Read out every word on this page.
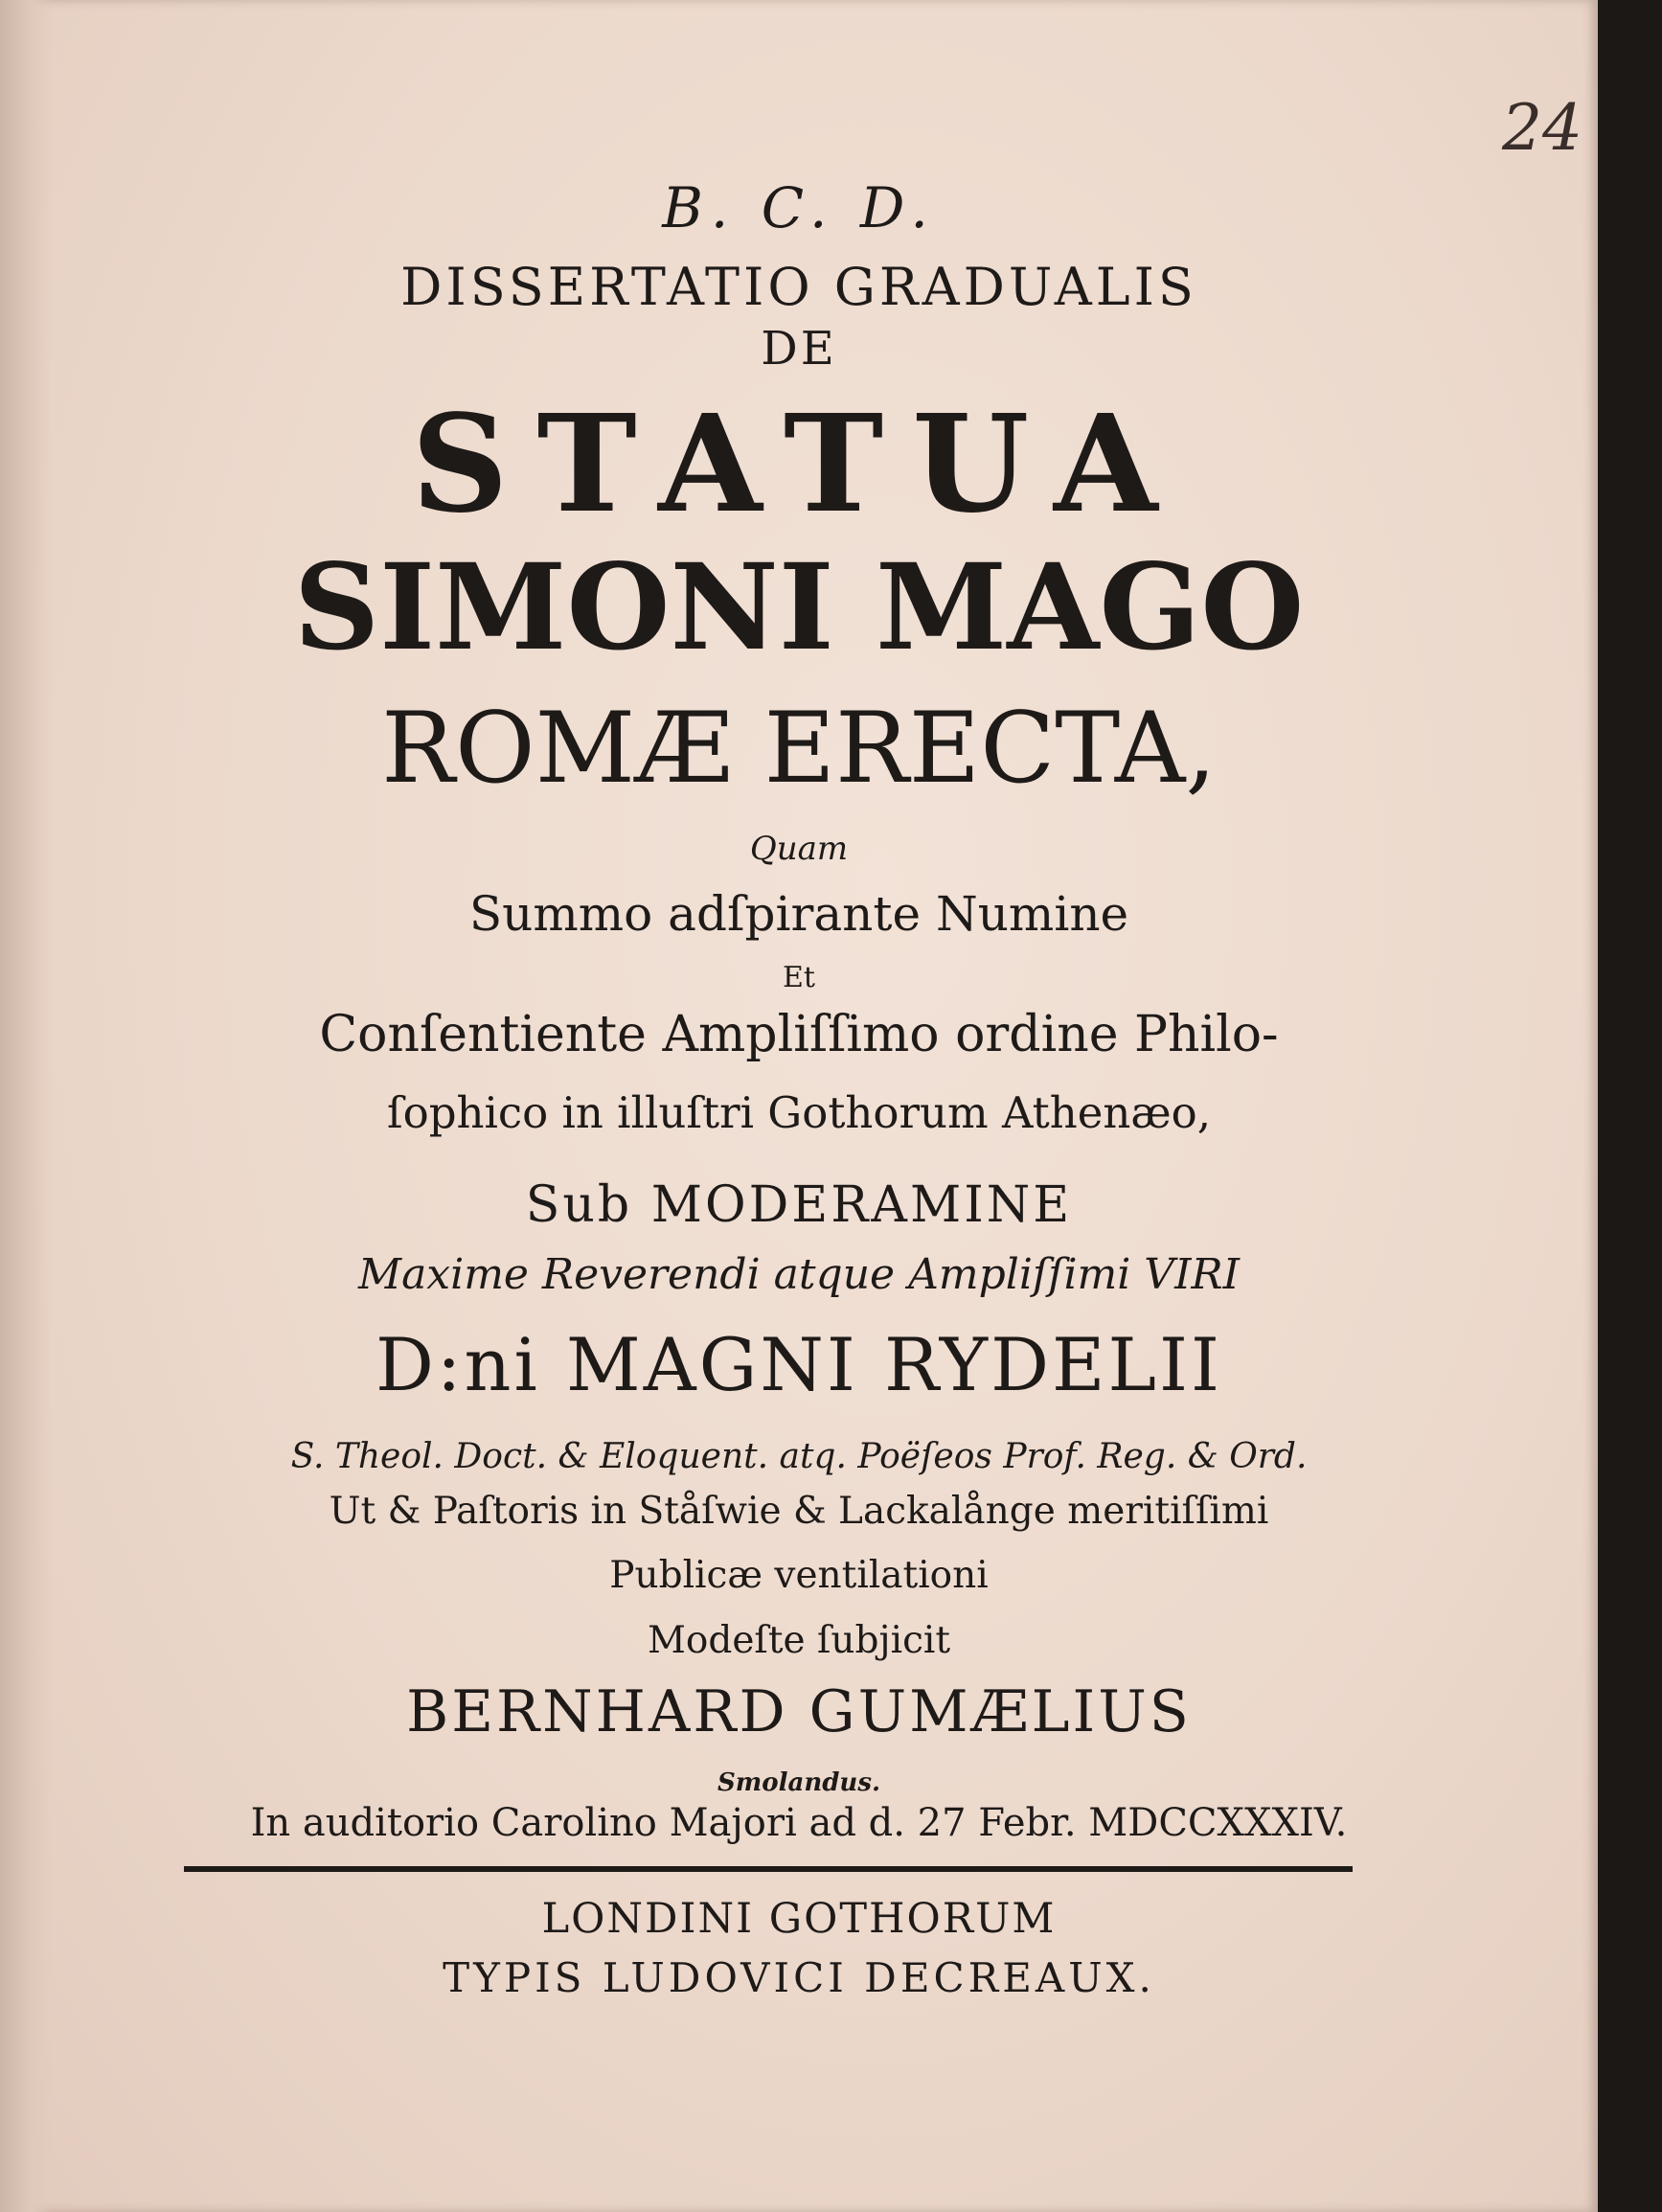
24
B. C. D.
DISSERTATIO GRADUALIS
DE
STATUA
SIMONI MAGO
ROMÆ ERECTA,
Quam
Summo adſpirante Numine
Et
Conſentiente Ampliſſimo ordine Philo-
ſophico in illuſtri Gothorum Athenæo,
Sub MODERAMINE
Maxime Reverendi atque Ampliſſimi VIRI
D:ni MAGNI RYDELII
S. Theol. Doct. & Eloquent. atq. Poëſeos Prof. Reg. & Ord.
Ut & Paſtoris in Ståſwie & Lackalånge meritiſſimi
Publicæ ventilationi
Modeſte ſubjicit
BERNHARD GUMÆLIUS
Smolandus.
In auditorio Carolino Majori ad d. 27 Febr. MDCCXXXIV.
LONDINI GOTHORUM
TYPIS LUDOVICI DECREAUX.
